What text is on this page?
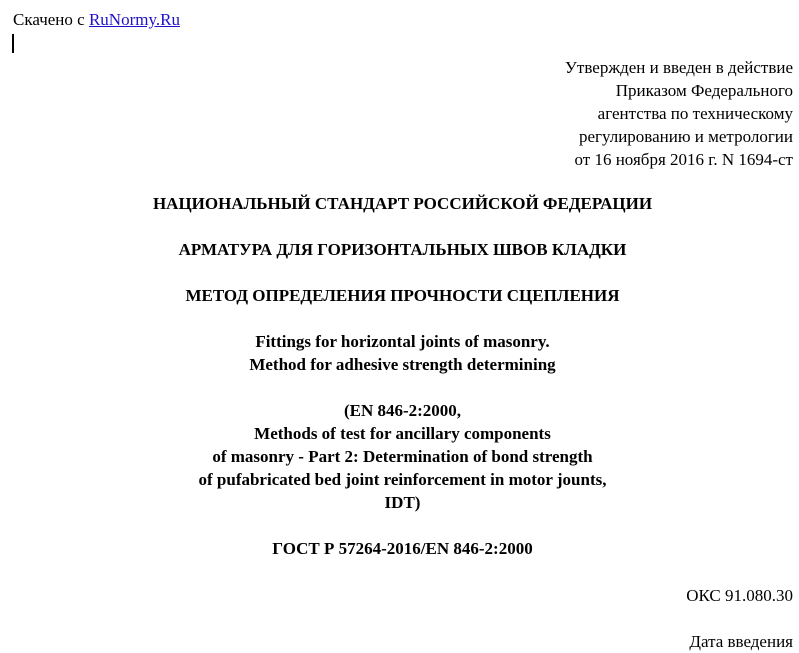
Скачено с RuNormy.Ru
Утвержден и введен в действие
Приказом Федерального
агентства по техническому
регулированию и метрологии
от 16 ноября 2016 г. N 1694-ст
НАЦИОНАЛЬНЫЙ СТАНДАРТ РОССИЙСКОЙ ФЕДЕРАЦИИ
АРМАТУРА ДЛЯ ГОРИЗОНТАЛЬНЫХ ШВОВ КЛАДКИ
МЕТОД ОПРЕДЕЛЕНИЯ ПРОЧНОСТИ СЦЕПЛЕНИЯ
Fittings for horizontal joints of masonry.
Method for adhesive strength determining
(EN 846-2:2000,
Methods of test for ancillary components
of masonry - Part 2: Determination of bond strength
of pufabricated bed joint reinforcement in motor jounts,
IDT)
ГОСТ Р 57264-2016/EN 846-2:2000
ОКС 91.080.30
Дата введения
